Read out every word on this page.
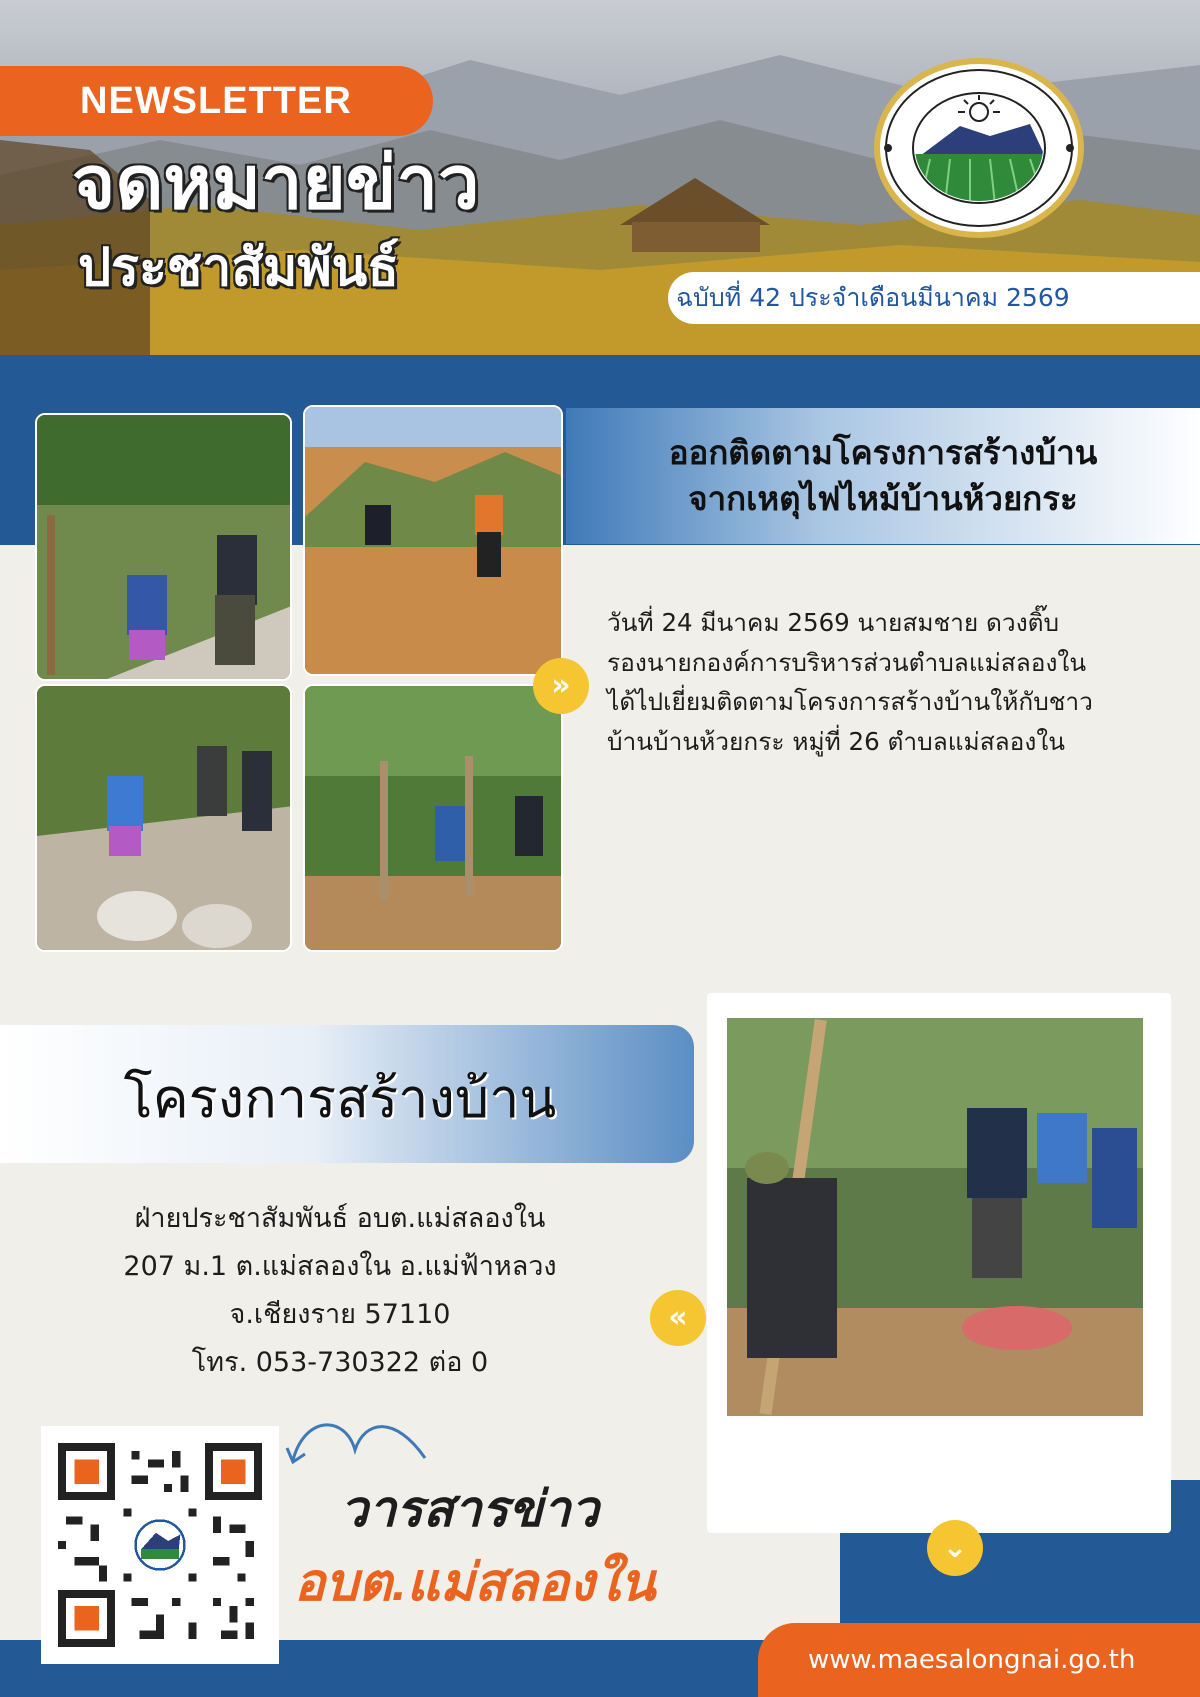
NEWSLETTER
จดหมายข่าว
ประชาสัมพันธ์
ฉบับที่ 42 ประจำเดือนมีนาคม 2569
ออกติดตามโครงการสร้างบ้าน
จากเหตุไฟไหม้บ้านห้วยกระ
»
วันที่ 24 มีนาคม 2569 นายสมชาย ดวงติ๊บ
รองนายกองค์การบริหารส่วนตำบลแม่สลองใน
ได้ไปเยี่ยมติดตามโครงการสร้างบ้านให้กับชาว
บ้านบ้านห้วยกระ หมู่ที่ 26 ตำบลแม่สลองใน
โครงการสร้างบ้าน
ฝ่ายประชาสัมพันธ์ อบต.แม่สลองใน
207 ม.1 ต.แม่สลองใน อ.แม่ฟ้าหลวง
จ.เชียงราย 57110
โทร. 053-730322 ต่อ 0
«
⌄
วารสารข่าว
อบต.แม่สลองใน
www.maesalongnai.go.th
